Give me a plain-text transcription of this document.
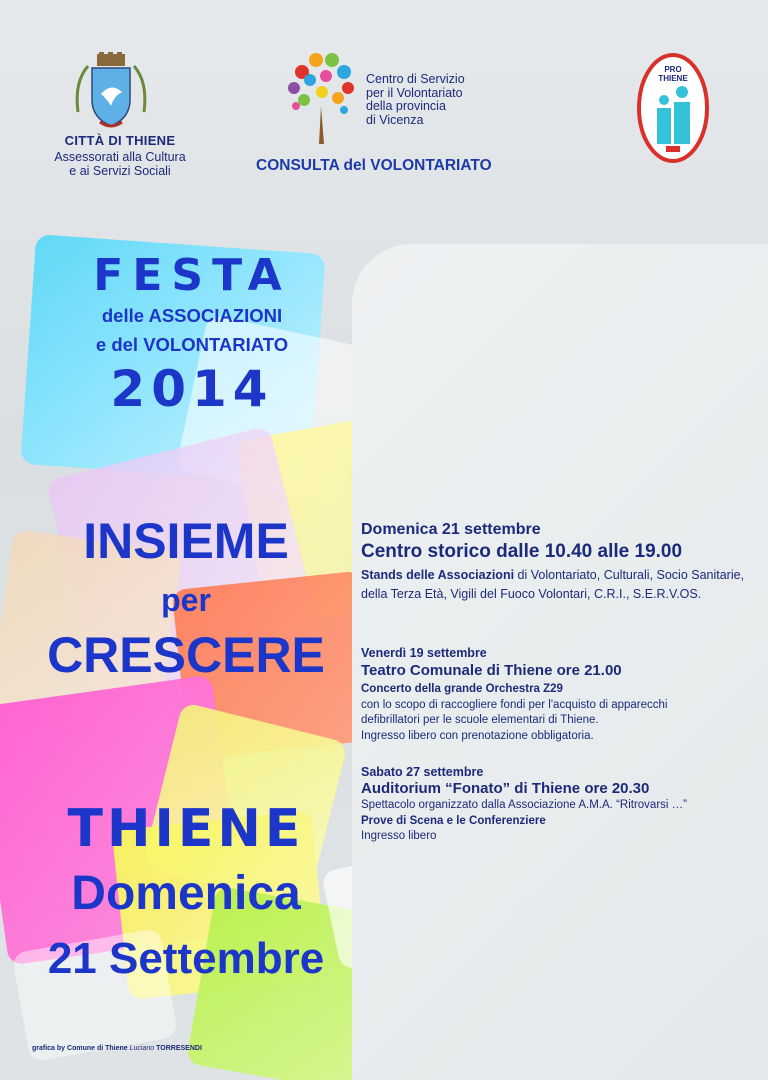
CITTÀ DI THIENE
Assessorati alla Cultura
e ai Servizi Sociali
Centro di Servizio
per il Volontariato
della provincia
di Vicenza
CONSULTA del VOLONTARIATO
PRO
THIENE
FESTA
delle ASSOCIAZIONI
e del VOLONTARIATO
2014
INSIEME
per
CRESCERE
THIENE
Domenica
21 Settembre
Domenica 21 settembre
Centro storico dalle 10.40 alle 19.00
Stands delle Associazioni di Volontariato, Culturali, Socio Sanitarie, della Terza Età, Vigili del Fuoco Volontari, C.R.I., S.E.R.V.OS.
Venerdì 19 settembre
Teatro Comunale di Thiene ore 21.00
Concerto della grande Orchestra Z29
con lo scopo di raccogliere fondi per l'acquisto di apparecchi
defibrillatori per le scuole elementari di Thiene.
Ingresso libero con prenotazione obbligatoria.
Sabato 27 settembre
Auditorium “Fonato” di Thiene ore 20.30
Spettacolo organizzato dalla Associazione A.M.A. “Ritrovarsi …”
Prove di Scena e le Conferenziere
Ingresso libero
grafica by Comune di Thiene Luciano TORRESENDI
